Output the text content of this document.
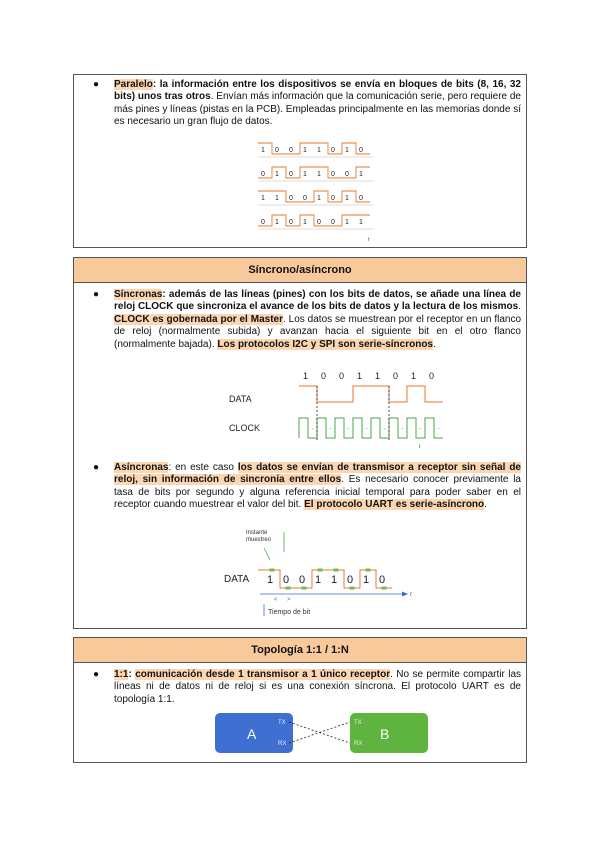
● Paralelo: la información entre los dispositivos se envía en bloques de bits (8, 16, 32 bits) unos tras otros. Envían más información que la comunicación serie, pero requiere de más pines y líneas (pistas en la PCB). Empleadas principalmente en las memorias donde sí es necesario un gran flujo de datos.
1 0 0 1 1 0 1 0
0 1 0 1 1 0 0 1
1 1 0 0 1 0 1 0
0 1 0 1 0 0 1 1
t
Síncrono/asíncrono
● Síncronas: además de las líneas (pines) con los bits de datos, se añade una línea de reloj CLOCK que sincroniza el avance de los bits de datos y la lectura de los mismos. CLOCK es gobernada por el Master. Los datos se muestrean por el receptor en un flanco de reloj (normalmente subida) y avanzan hacia el siguiente bit en el otro flanco (normalmente bajada). Los protocolos I2C y SPI son serie-síncronos.
DATA
CLOCK
1 0 0 1 1 0 1 0
+	+	+	+	+	+	+	+
t
● Asíncronas: en este caso los datos se envían de transmisor a receptor sin señal de reloj, sin información de sincronía entre ellos. Es necesario conocer previamente la tasa de bits por segundo y alguna referencia inicial temporal para poder saber en el receptor cuando muestrear el valor del bit. El protocolo UART es serie-asíncrono.
Instante muestreo
DATA 1 0 0 1 1 0 1 0
t
< >
Tiempo de bit
Topología 1:1 / 1:N
● 1:1: comunicación desde 1 transmisor a 1 único receptor. No se permite compartir las líneas ni de datos ni de reloj si es una conexión síncrona. El protocolo UART es de topología 1:1.
A	B
TX
RX
TX
RX
